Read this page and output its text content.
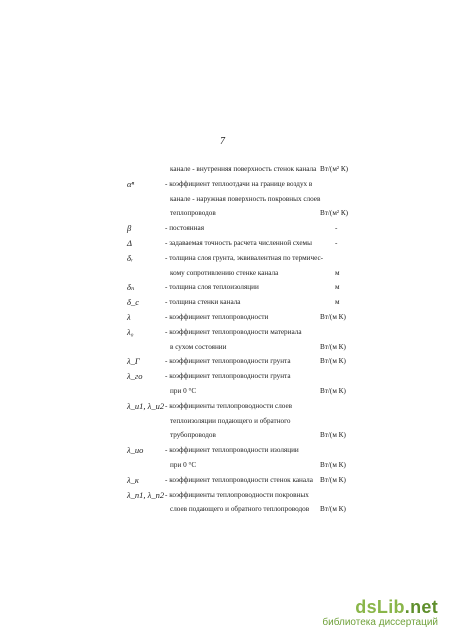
7
канале - внутренняя поверхность стенок канала Вт/(м² К)
αⁿ	- коэффициент теплоотдачи на границе воздух в
канале - наружная поверхность покровных слоев
теплопроводов	Вт/(м² К)
β	- постоянная	-
Δ	- задаваемая точность расчета численной схемы	-
δᵣ	- толщина слоя грунта, эквивалентная по термичес-
кому сопротивлению стенке канала	м
δₙ	- толщина слоя теплоизоляции	м
δ_c	- толщина стенки канала	м
λ	- коэффициент теплопроводности	Вт/(м К)
λ₀	- коэффициент теплопроводности материала
в сухом состоянии	Вт/(м К)
λ_Г	- коэффициент теплопроводности грунта	Вт/(м К)
λ_го	- коэффициент теплопроводности грунта
при 0 °С	Вт/(м К)
λ_и1, λ_и2 - коэффициенты теплопроводности слоев
теплоизоляции подающего и обратного
трубопроводов	Вт/(м К)
λ_ио	- коэффициент теплопроводности изоляции
при 0 °С	Вт/(м К)
λ_к	- коэффициент теплопроводности стенок канала Вт/(м К)
λ_п1, λ_п2 - коэффициенты теплопроводности покровных
слоев подающего и обратного теплопроводов Вт/(м К)
dsLib.net
библиотека диссертаций
